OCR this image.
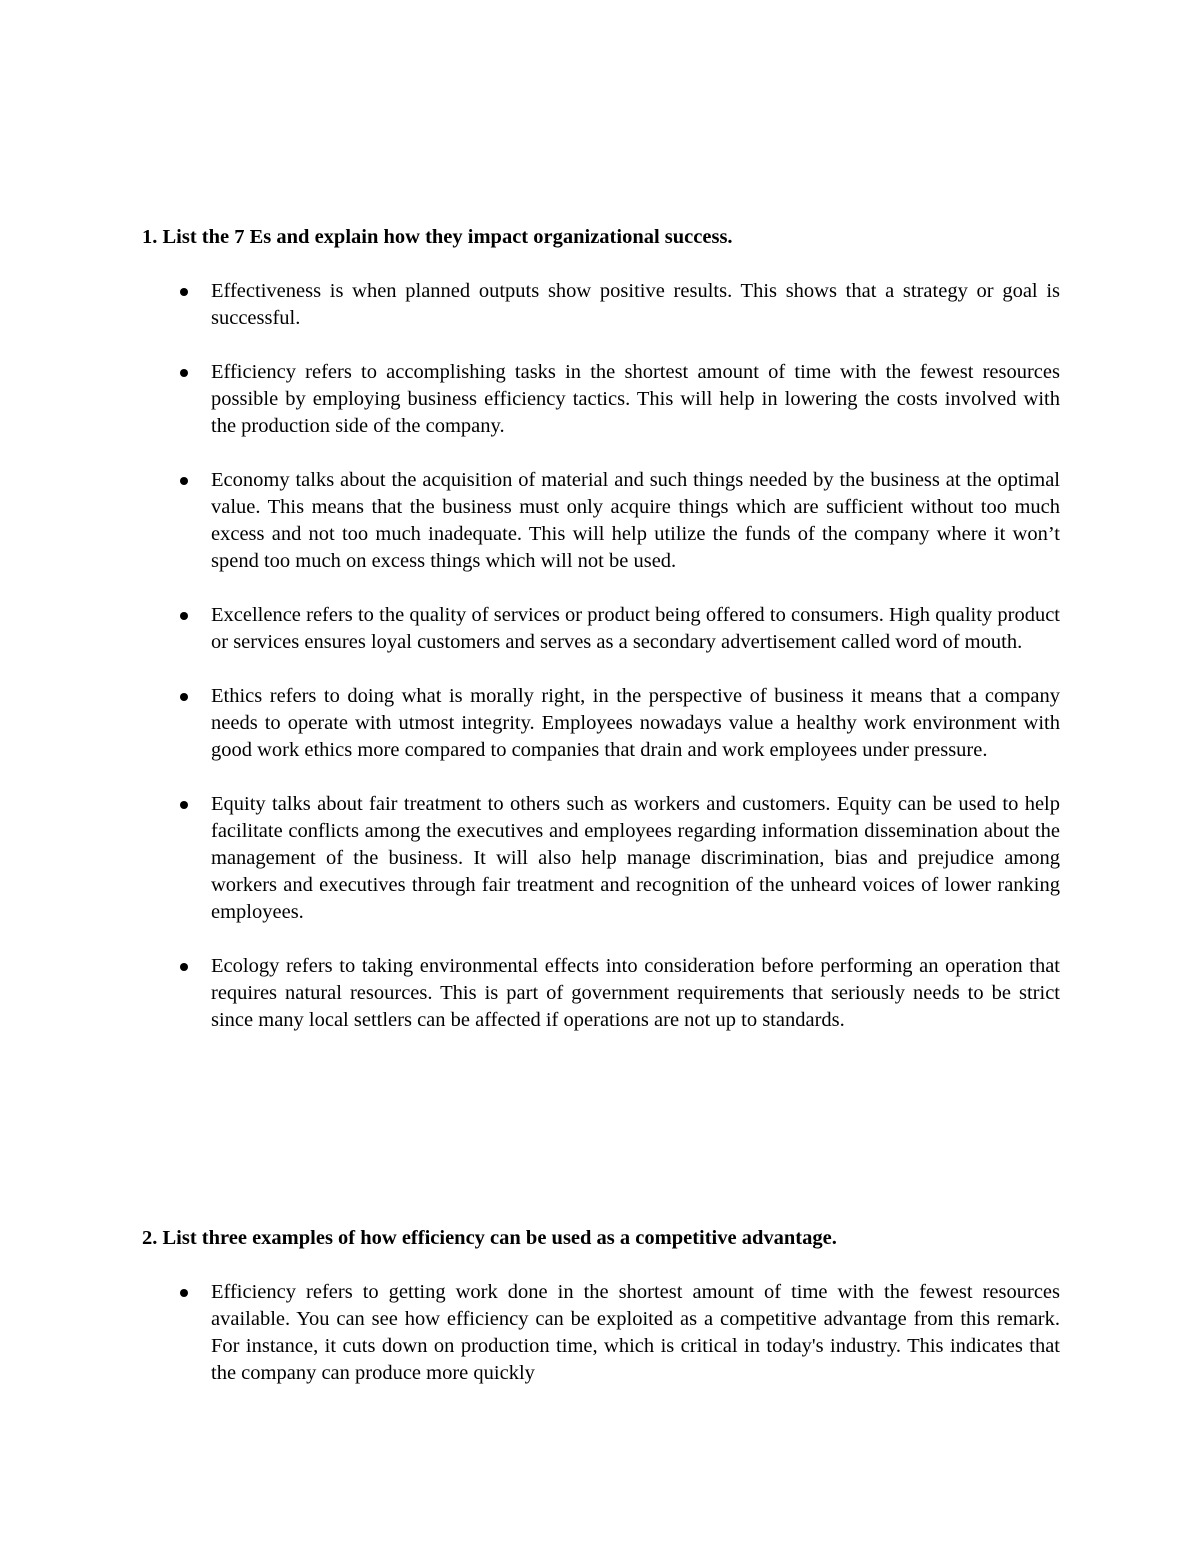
1. List the 7 Es and explain how they impact organizational success.

Effectiveness is when planned outputs show positive results. This shows that a strategy or goal is successful.
Efficiency refers to accomplishing tasks in the shortest amount of time with the fewest resources possible by employing business efficiency tactics. This will help in lowering the costs involved with the production side of the company.
Economy talks about the acquisition of material and such things needed by the business at the optimal value. This means that the business must only acquire things which are sufficient without too much excess and not too much inadequate. This will help utilize the funds of the company where it won’t spend too much on excess things which will not be used.
Excellence refers to the quality of services or product being offered to consumers. High quality product or services ensures loyal customers and serves as a secondary advertisement called word of mouth.
Ethics refers to doing what is morally right, in the perspective of business it means that a company needs to operate with utmost integrity. Employees nowadays value a healthy work environment with good work ethics more compared to companies that drain and work employees under pressure.
Equity talks about fair treatment to others such as workers and customers. Equity can be used to help facilitate conflicts among the executives and employees regarding information dissemination about the management of the business. It will also help manage discrimination, bias and prejudice among workers and executives through fair treatment and recognition of the unheard voices of lower ranking employees.
Ecology refers to taking environmental effects into consideration before performing an operation that requires natural resources. This is part of government requirements that seriously needs to be strict since many local settlers can be affected if operations are not up to standards.

2. List three examples of how efficiency can be used as a competitive advantage.

Efficiency refers to getting work done in the shortest amount of time with the fewest resources available. You can see how efficiency can be exploited as a competitive advantage from this remark. For instance, it cuts down on production time, which is critical in today's industry. This indicates that the company can produce more quickly
